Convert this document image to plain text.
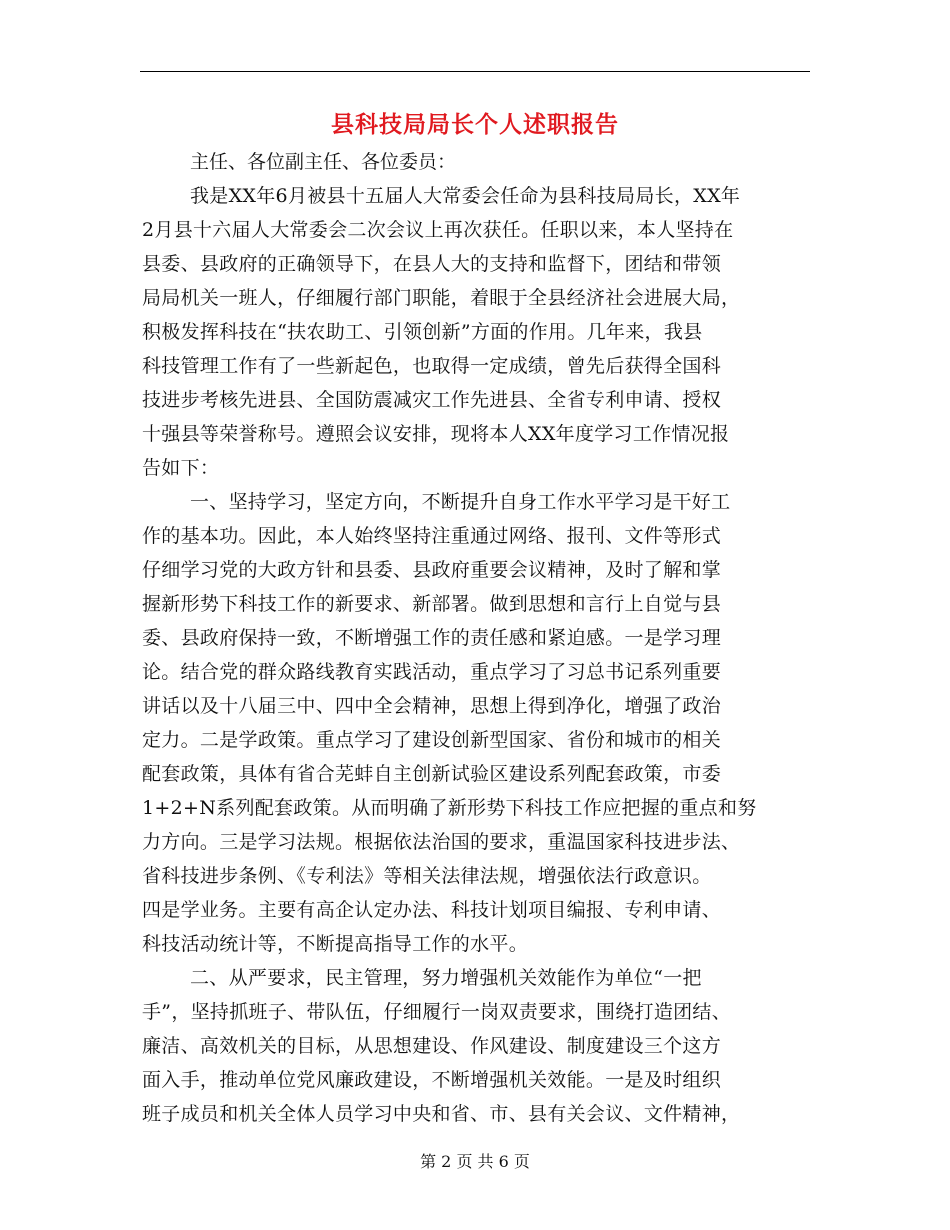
县科技局局长个人述职报告
主任、各位副主任、各位委员：
我是XX年6月被县十五届人大常委会任命为县科技局局长，XX年
2月县十六届人大常委会二次会议上再次获任。任职以来，本人坚持在
县委、县政府的正确领导下，在县人大的支持和监督下，团结和带领
局局机关一班人，仔细履行部门职能，着眼于全县经济社会进展大局，
积极发挥科技在“扶农助工、引领创新”方面的作用。几年来，我县
科技管理工作有了一些新起色，也取得一定成绩，曾先后获得全国科
技进步考核先进县、全国防震减灾工作先进县、全省专利申请、授权
十强县等荣誉称号。遵照会议安排，现将本人XX年度学习工作情况报
告如下：
一、坚持学习，坚定方向，不断提升自身工作水平学习是干好工
作的基本功。因此，本人始终坚持注重通过网络、报刊、文件等形式
仔细学习党的大政方针和县委、县政府重要会议精神，及时了解和掌
握新形势下科技工作的新要求、新部署。做到思想和言行上自觉与县
委、县政府保持一致，不断增强工作的责任感和紧迫感。一是学习理
论。结合党的群众路线教育实践活动，重点学习了习总书记系列重要
讲话以及十八届三中、四中全会精神，思想上得到净化，增强了政治
定力。二是学政策。重点学习了建设创新型国家、省份和城市的相关
配套政策，具体有省合芜蚌自主创新试验区建设系列配套政策，市委
1+2+N系列配套政策。从而明确了新形势下科技工作应把握的重点和努
力方向。三是学习法规。根据依法治国的要求，重温国家科技进步法、
省科技进步条例、《专利法》等相关法律法规，增强依法行政意识。
四是学业务。主要有高企认定办法、科技计划项目编报、专利申请、
科技活动统计等，不断提高指导工作的水平。
二、从严要求，民主管理，努力增强机关效能作为单位“一把
手”，坚持抓班子、带队伍，仔细履行一岗双责要求，围绕打造团结、
廉洁、高效机关的目标，从思想建设、作风建设、制度建设三个这方
面入手，推动单位党风廉政建设，不断增强机关效能。一是及时组织
班子成员和机关全体人员学习中央和省、市、县有关会议、文件精神，
第 2 页 共 6 页
